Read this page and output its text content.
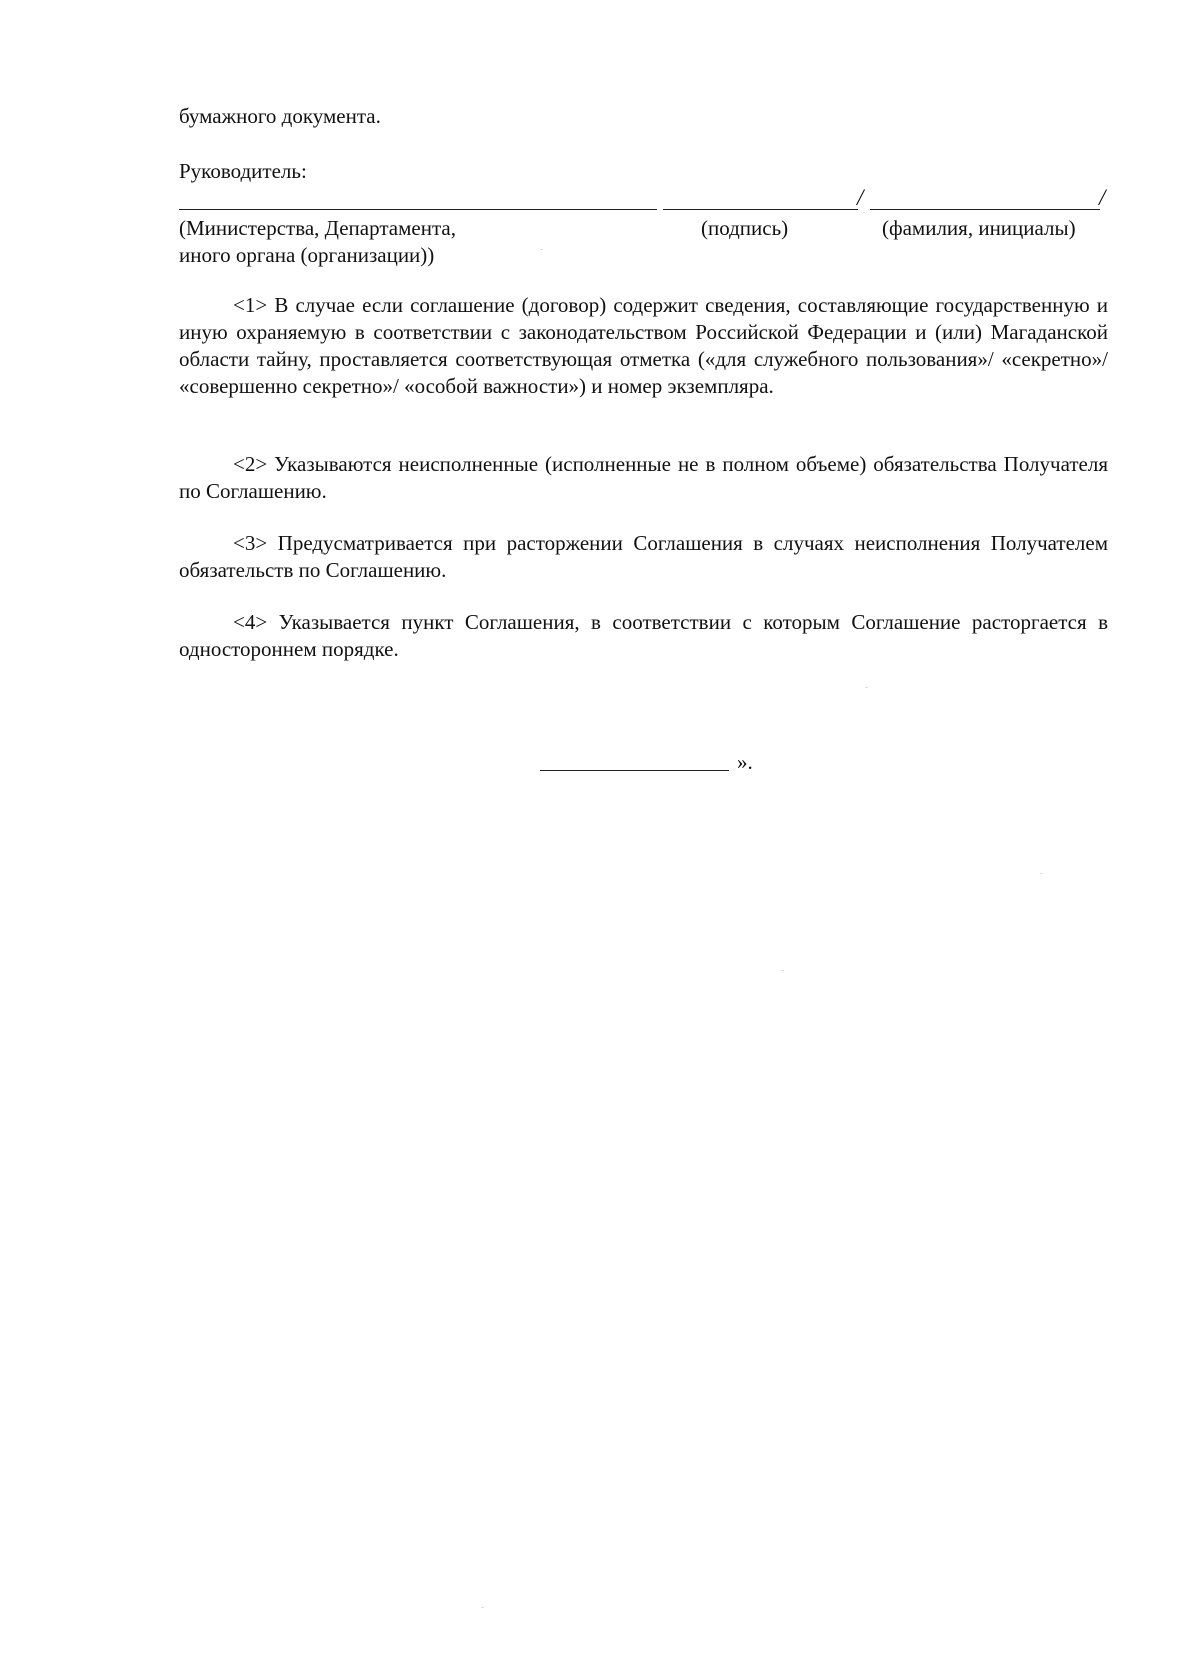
бумажного документа.
Руководитель:
/	/
(Министерства, Департамента,
иного органа (организации))
(подпись)	(фамилия, инициалы)

<1> В случае если соглашение (договор) содержит сведения, составляющие государственную и иную охраняемую в соответствии с законодательством Российской Федерации и (или) Магаданской области тайну, проставляется соответствующая отметка («для служебного пользования»/ «секретно»/ «совершенно секретно»/ «особой важности») и номер экземпляра.

<2> Указываются неисполненные (исполненные не в полном объеме) обязательства Получателя по Соглашению.

<3> Предусматривается при расторжении Соглашения в случаях неисполнения Получателем обязательств по Соглашению.

<4> Указывается пункт Соглашения, в соответствии с которым Соглашение расторгается в одностороннем порядке.

».
